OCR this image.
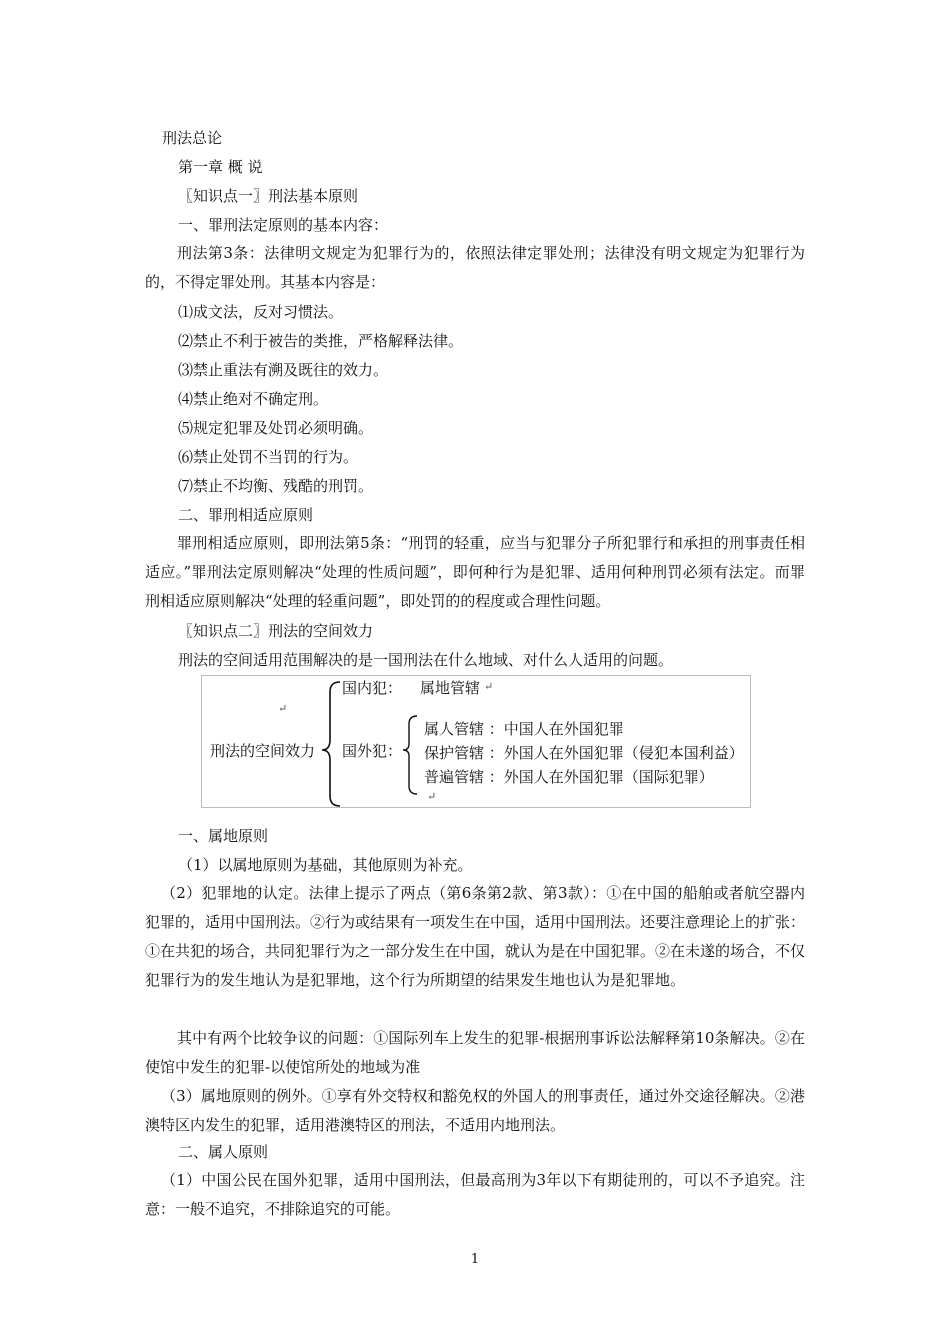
刑法总论
第一章 概 说
〖知识点一〗刑法基本原则
一、罪刑法定原则的基本内容：
刑法第3条：法律明文规定为犯罪行为的，依照法律定罪处刑；法律没有明文规定为犯罪行为的，不得定罪处刑。其基本内容是：
⑴成文法，反对习惯法。
⑵禁止不利于被告的类推，严格解释法律。
⑶禁止重法有溯及既往的效力。
⑷禁止绝对不确定刑。
⑸规定犯罪及处罚必须明确。
⑹禁止处罚不当罚的行为。
⑺禁止不均衡、残酷的刑罚。
二、罪刑相适应原则
罪刑相适应原则，即刑法第5条：“刑罚的轻重，应当与犯罪分子所犯罪行和承担的刑事责任相适应。”罪刑法定原则解决“处理的性质问题”，即何种行为是犯罪、适用何种刑罚必须有法定。而罪刑相适应原则解决“处理的轻重问题”，即处罚的的程度或合理性问题。
〖知识点二〗刑法的空间效力
刑法的空间适用范围解决的是一国刑法在什么地域、对什么人适用的问题。
↵
刑法的空间效力
国内犯： 属地管辖 ↵
国外犯：
属人管辖 ：中国人在外国犯罪
保护管辖 ：外国人在外国犯罪（侵犯本国利益）
普遍管辖 ：外国人在外国犯罪（国际犯罪）
↵
一、属地原则
（1）以属地原则为基础，其他原则为补充。
（2）犯罪地的认定。法律上提示了两点（第6条第2款、第3款）：①在中国的船舶或者航空器内犯罪的，适用中国刑法。②行为或结果有一项发生在中国，适用中国刑法。还要注意理论上的扩张：①在共犯的场合，共同犯罪行为之一部分发生在中国，就认为是在中国犯罪。②在未遂的场合，不仅犯罪行为的发生地认为是犯罪地，这个行为所期望的结果发生地也认为是犯罪地。
其中有两个比较争议的问题：①国际列车上发生的犯罪-根据刑事诉讼法解释第10条解决。②在使馆中发生的犯罪-以使馆所处的地域为准
（3）属地原则的例外。①享有外交特权和豁免权的外国人的刑事责任，通过外交途径解决。②港澳特区内发生的犯罪，适用港澳特区的刑法，不适用内地刑法。
二、属人原则
（1）中国公民在国外犯罪，适用中国刑法，但最高刑为3年以下有期徒刑的，可以不予追究。注意：一般不追究，不排除追究的可能。
1
